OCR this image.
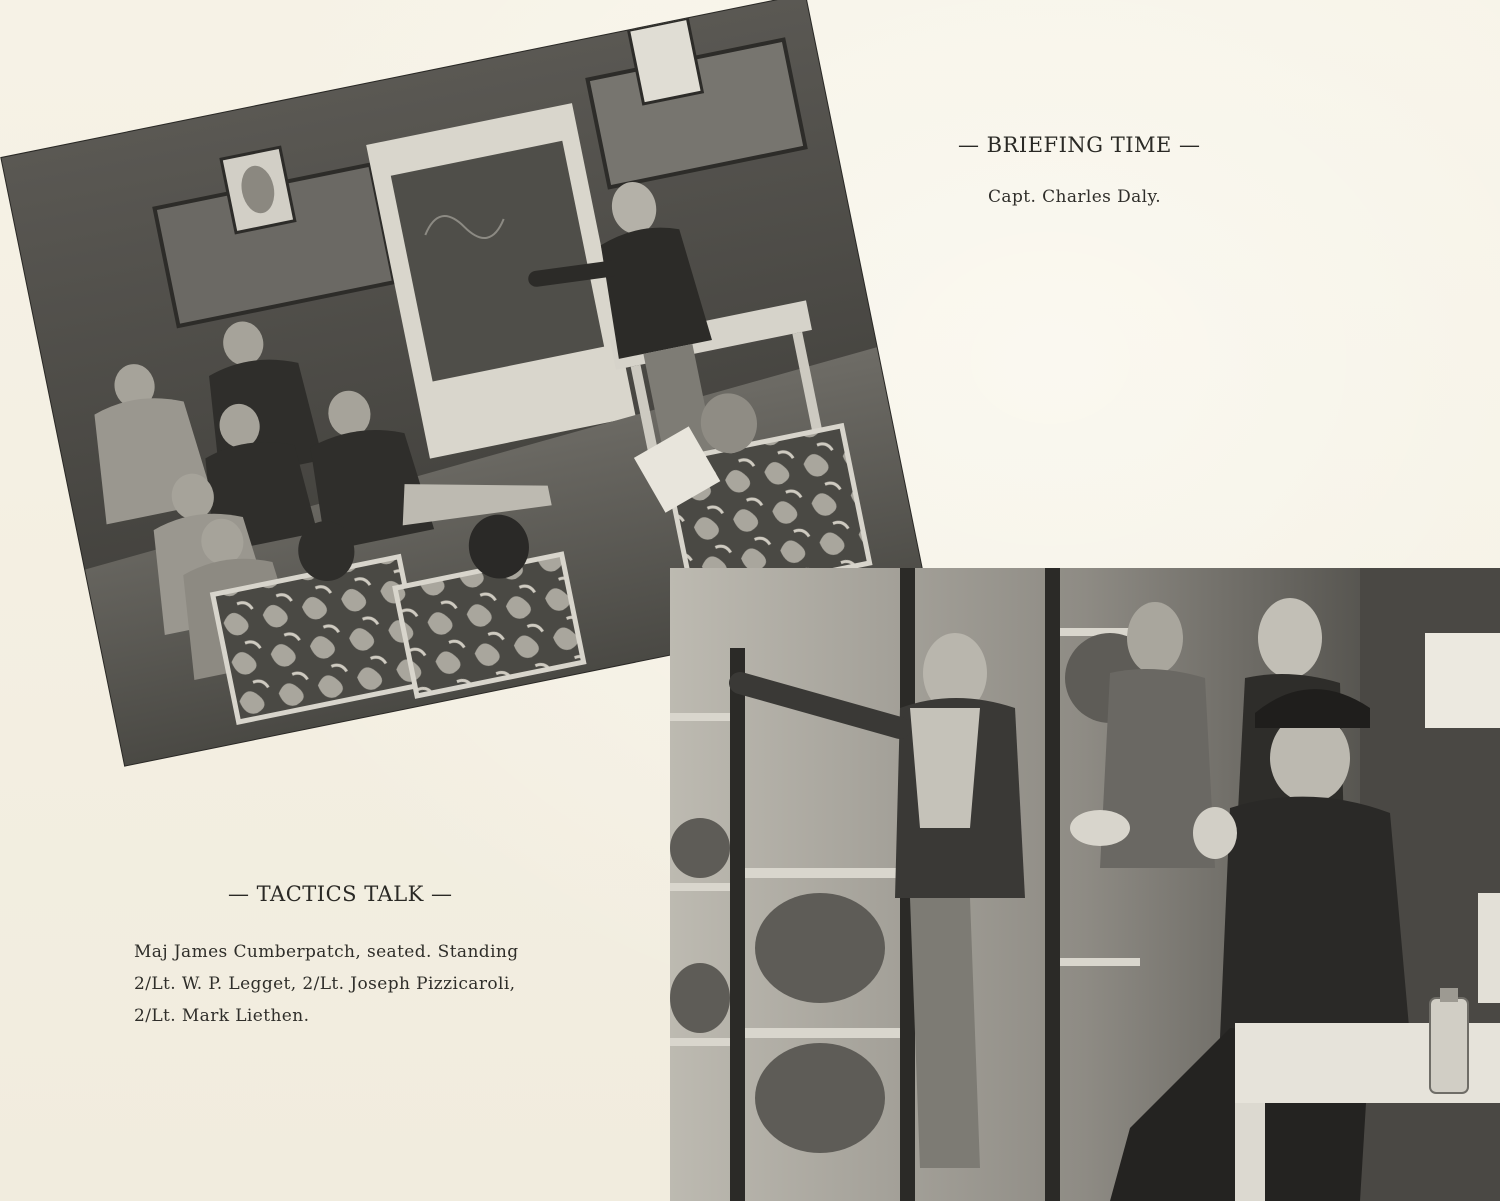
— BRIEFING TIME —
Capt. Charles Daly.
— TACTICS TALK —
Maj James Cumberpatch, seated. Standing
2/Lt. W. P. Legget, 2/Lt. Joseph Pizzicaroli,
2/Lt. Mark Liethen.
